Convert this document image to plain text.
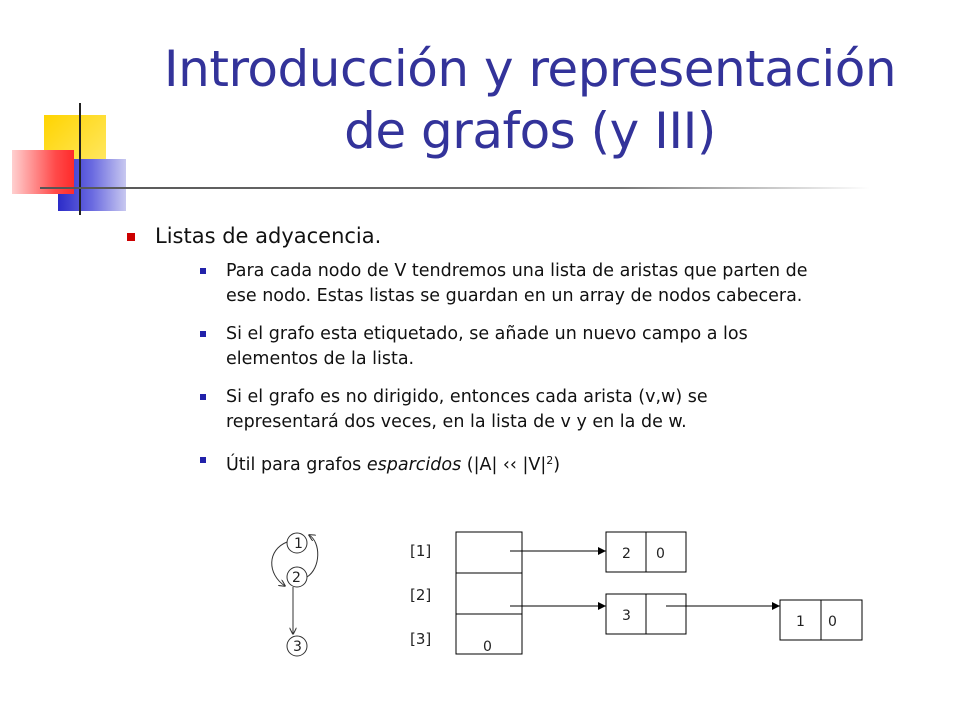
Introducción y representación
de grafos (y III)
Listas de adyacencia.
Para cada nodo de V tendremos una lista de aristas que parten de
ese nodo. Estas listas se guardan en un array de nodos cabecera.
Si el grafo esta etiquetado, se añade un nuevo campo a los
elementos de la lista.
Si el grafo es no dirigido, entonces cada arista (v,w) se
representará dos veces, en la lista de v y en la de w.
Útil para grafos esparcidos (|A| ‹‹ $|V|^2$)
1
2
3
[1]
[2]
[3]	0
2 0
3	1 0
